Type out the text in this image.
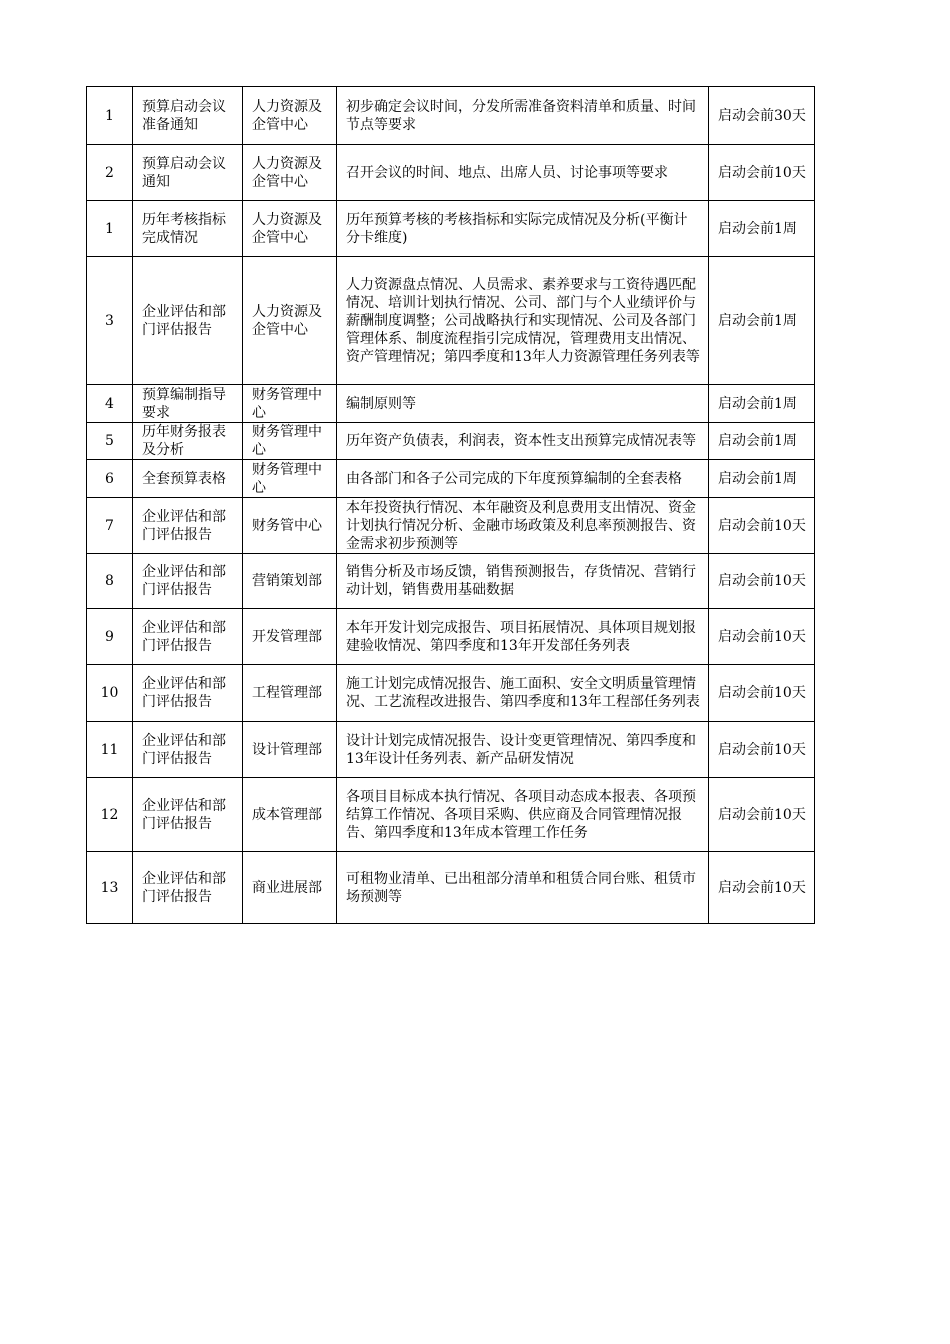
1	预算启动会议准备通知	人力资源及企管中心	初步确定会议时间，分发所需准备资料清单和质量、时间节点等要求	启动会前30天
2	预算启动会议通知	人力资源及企管中心	召开会议的时间、地点、出席人员、讨论事项等要求	启动会前10天
1	历年考核指标完成情况	人力资源及企管中心	历年预算考核的考核指标和实际完成情况及分析(平衡计分卡维度)	启动会前1周
3	企业评估和部门评估报告	人力资源及企管中心	人力资源盘点情况、人员需求、素养要求与工资待遇匹配情况、培训计划执行情况、公司、部门与个人业绩评价与薪酬制度调整；公司战略执行和实现情况、公司及各部门管理体系、制度流程指引完成情况，管理费用支出情况、资产管理情况；第四季度和13年人力资源管理任务列表等	启动会前1周
4	预算编制指导要求	财务管理中心	编制原则等	启动会前1周
5	历年财务报表及分析	财务管理中心	历年资产负债表，利润表，资本性支出预算完成情况表等	启动会前1周
6	全套预算表格	财务管理中心	由各部门和各子公司完成的下年度预算编制的全套表格	启动会前1周
7	企业评估和部门评估报告	财务管中心	本年投资执行情况、本年融资及利息费用支出情况、资金计划执行情况分析、金融市场政策及利息率预测报告、资金需求初步预测等	启动会前10天
8	企业评估和部门评估报告	营销策划部	销售分析及市场反馈，销售预测报告，存货情况、营销行动计划，销售费用基础数据	启动会前10天
9	企业评估和部门评估报告	开发管理部	本年开发计划完成报告、项目拓展情况、具体项目规划报建验收情况、第四季度和13年开发部任务列表	启动会前10天
10	企业评估和部门评估报告	工程管理部	施工计划完成情况报告、施工面积、安全文明质量管理情况、工艺流程改进报告、第四季度和13年工程部任务列表	启动会前10天
11	企业评估和部门评估报告	设计管理部	设计计划完成情况报告、设计变更管理情况、第四季度和13年设计任务列表、新产品研发情况	启动会前10天
12	企业评估和部门评估报告	成本管理部	各项目目标成本执行情况、各项目动态成本报表、各项预结算工作情况、各项目采购、供应商及合同管理情况报告、第四季度和13年成本管理工作任务	启动会前10天
13	企业评估和部门评估报告	商业进展部	可租物业清单、已出租部分清单和租赁合同台账、租赁市场预测等	启动会前10天
